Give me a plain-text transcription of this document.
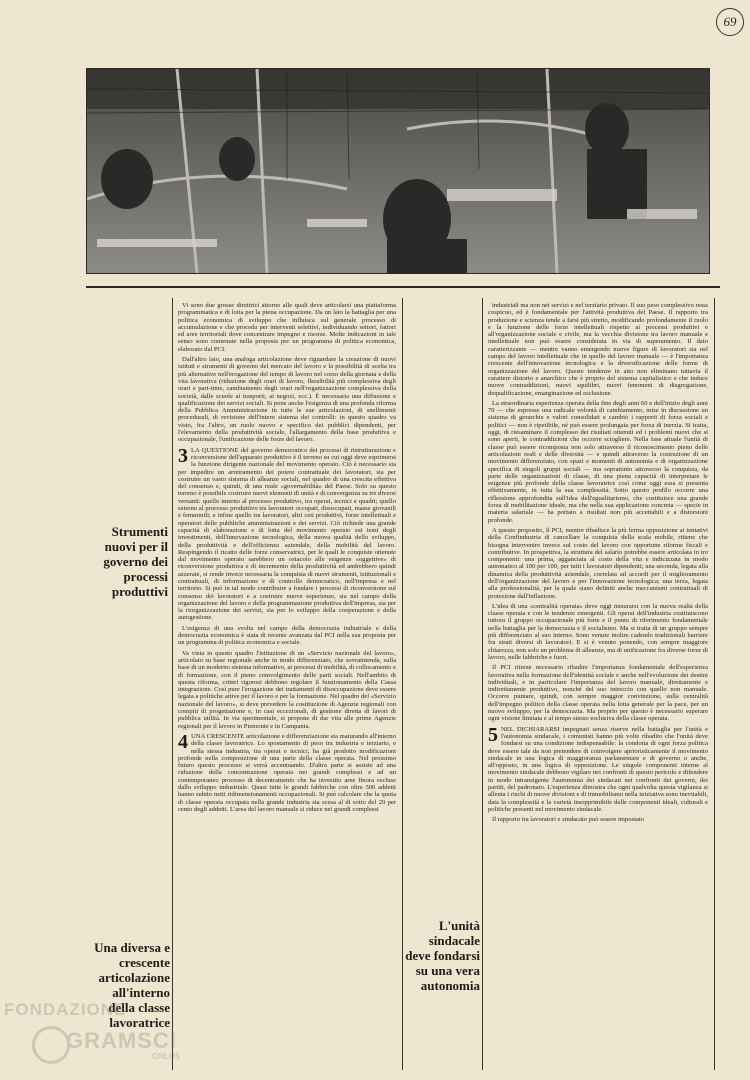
69
Strumenti nuovi per il governo dei processi produttivi
Una diversa e crescente articolazione all'interno della classe lavoratrice
L'unità sindacale deve fondarsi su una vera autonomia

Vi sono due grosse direttrici attorno alle quali deve articolarsi una piattaforma programmatica e di lotta per la piena occupazione. Da un lato la battaglia per una politica economica di sviluppo che influisca sul generale processo di accumulazione e che proceda per interventi selettivi, individuando settori, fattori ed aree territoriali dove concentrare impegno e risorse. Molte indicazioni in tale senso sono contenute nella proposta per un programma di politica economica, elaborato dal PCI.

Dall'altro lato, una analoga articolazione deve riguardare la creazione di nuovi istituti e strumenti di governo del mercato del lavoro e la possibilità di scelta tra più alternative nell'erogazione del tempo di lavoro nel corso della giornata e della vita lavorativa (riduzione degli orari di lavoro, flessibilità più complessiva degli orari e part-time, cambiamento degli orari nell'organizzazione complessiva della società, dalle scuole ai trasporti, ai negozi, ecc.). È necessaria una diffusione e qualificazione dei servizi sociali. Si pone anche l'esigenza di una profonda riforma della Pubblica Amministrazione in tutte le sue articolazioni, di snellimenti procedurali, di revisione dell'intero sistema dei controlli: in questo quadro va visto, fra l'altro, un ruolo nuovo e specifico dei pubblici dipendenti, per l'elevamento della produttività sociale, l'allargamento della base produttiva e occupazionale, l'unificazione delle forze del lavoro.

3 LA QUESTIONE del governo democratico dei processi di ristrutturazione e riconversione dell'apparato produttivo è il terreno su cui oggi deve esprimersi la funzione dirigente nazionale del movimento operaio. Ciò è necessario sia per impedire un arretramento dei potere contrattuale dei lavoratori, sia per costruire un vasto sistema di alleanze sociali, nel quadro di una crescita effettiva del consenso e, quindi, di una reale «governabilità» del Paese. Solo su questo terreno è possibile costruire nuovi elementi di unità e di convergenza su tre diversi versanti: quello interno al processo produttivo, tra operai, tecnici e quadri; quello esterno al processo produttivo tra lavoratori occupati, disoccupati, masse giovanili e femminili; e infine quello tra lavoratori, altri ceti produttivi, forze intellettuali e operatori delle pubbliche amministrazioni e dei servizi. Ciò richiede una grande capacità di elaborazione e di lotta del movimento operaio sui temi degli investimenti, dell'innovazione tecnologica, della nuova qualità dello sviluppo, della produttività e dell'efficienza aziendale, della mobilità del lavoro. Respingendo il ricatto delle forze conservatrici, per le quali le conquiste ottenute dal movimento operaio sarebbero un ostacolo alle esigenze «oggettive» di riconversione produttiva e di incremento della produttività ed andrebbero quindi azzerate, si rende invece necessaria la conquista di nuovi strumenti, istituzionali e contrattuali, di informazione e di controllo democratico, nell'impresa e nel territorio. Si può in tal modo contribuire a fondare i processi di riconversione sul consenso dei lavoratori e a costruire nuove esperienze, sia nel campo della organizzazione del lavoro e della programmazione produttiva dell'impresa, sia per la riorganizzazione dei servizi, sia per lo sviluppo della cooperazione e della autogestione.

L'esigenza di una svolta nel campo della democrazia industriale e della democrazia economica è stata di recente avanzata dal PCI nella sua proposta per un programma di politica economica e sociale.

Va vista in questo quadro l'istituzione di un «Servizio nazionale del lavoro», articolato su base regionale anche in modo differenziato, che sovraintenda, sulla base di un moderno sistema informativo, ai processi di mobilità, di collocamento e di formazione, con il pieno coinvolgimento delle parti sociali. Nell'ambito di questa riforma, criteri rigorosi debbono regolare il funzionamento della Cassa integrazione. Così pure l'erogazione dei trattamenti di disoccupazione deve essere legata a politiche attive per il lavoro e per la formazione. Nel quadro del «Servizio nazionale del lavoro», si deve prevedere la costituzione di Agenzie regionali con compiti di progettazione e, in casi eccezionali, di gestione diretta di lavori di pubblica utilità. In via sperimentale, si propone di dar vita alle prime Agenzie regionali per il lavoro in Piemonte e in Campania.

4 UNA CRESCENTE articolazione e differenziazione sta maturando all'interno della classe lavoratrice. Lo spostamento di peso tra industria e terziario, e nella stessa industria, tra operai e tecnici, ha già prodotto modificazioni profonde nella composizione di una parte della classe operaia. Nel prossimo futuro questo processo si verrà accentuando. D'altra parte si assiste ad una riduzione della concentrazione operaia nei grandi complessi e ad un contemporaneo processo di decentramento che ha investito aree finora escluse dallo sviluppo industriale. Quasi tutte le grandi fabbriche con oltre 500 addetti hanno subito netti ridimensionamenti occupazionali. Si può calcolare che la quota di classe operaia occupata nella grande industria sia scesa al di sotto del 20 per cento degli addetti. L'area del lavoro manuale si riduce nei grandi complessi

industriali ma non nei servizi e nel terziario privato. Il suo peso complessivo resta cospicuo, ed è fondamentale per l'attività produttiva del Paese. Il rapporto tra produzione e scienza tende a farsi più stretto, modificando profondamente il ruolo e la funzione delle forze intellettuali rispetto ai processi produttivi e all'organizzazione sociale e civile, ma la vecchia divisione tra lavoro manuale e intellettuale non può essere considerata in via di superamento. Il dato caratterizzante — mentre vanno emergendo nuove figure di lavoratori sia nel campo del lavoro intellettuale che in quello del lavoro manuale — è l'importanza crescente dell'innovazione tecnologica e la diversificazione delle forme di organizzazione del lavoro. Queste tendenze in atto non eliminano tuttavia il carattere distorto e anarchico che è proprio del sistema capitalistico e che induce nuove contraddizioni, nuovi squilibri, nuovi fenomeni di disgregazione, dequalificazione, emarginazione ed esclusione.

La straordinaria esperienza operaia della fine degli anni 60 e dell'inizio degli anni 70 — che espresse una radicale volontà di cambiamento, mise in discussione un sistema di gerarchie e valori consolidati e cambiò i rapporti di forza sociali e politici — non è ripetibile, né può essere prolungata per forza di inerzia. Si tratta, oggi, di riesaminare il complesso dei risultati ottenuti ed i problemi nuovi che si sono aperti, le contraddizioni che occorre sciogliere. Nella fase attuale l'unità di classe può essere ricomposta non solo attraverso il riconoscimento pieno delle articolazioni reali e delle diversità — e quindi attraverso la costruzione di un movimento differenziato, con spazi e momenti di autonomia e di organizzazione specifica di singoli gruppi sociali — ma soprattutto attraverso la conquista, da parte delle organizzazioni di classe, di una piena capacità di interpretare le esigenze più profonde della classe lavoratrice così come oggi essa si presenta effettivamente, in tutta la sua complessità. Sotto questo profilo occorre una riflessione approfondita sull'idea dell'egualitarismo, che costituisce una grande forza di mobilitazione ideale, ma che nella sua applicazione concreta — specie in materia salariale — ha portato a risultati non più accettabili e a distorsioni profonde.

A questo proposito, il PCI, mentre ribadisce la più ferma opposizione ai tentativi della Confindustria di cancellare la conquista della scala mobile, ritiene che bisogna intervenire invece sul costo del lavoro con opportune riforme fiscali e contributive. In prospettiva, la struttura del salario potrebbe essere articolata in tre componenti: una prima, agganciata al costo della vita e indicizzata in modo automatico al 100 per 100, per tutti i lavoratori dipendenti; una seconda, legata alla dinamica della produttività aziendale, correlata ad accordi per il miglioramento dell'organizzazione del lavoro e per l'innovazione tecnologica; una terza, legata alla professionalità, per la quale siano definiti anche meccanismi contrattuali di protezione dall'inflazione.

L'idea di una «centralità operaia» deve oggi misurarsi con la nuova realtà della classe operaia e con le tendenze emergenti. Gli operai dell'industria costituiscono tuttora il gruppo occupazionale più forte e il punto di riferimento fondamentale nella battaglia per la democrazia e il socialismo. Ma si tratta di un gruppo sempre più differenziato al suo interno. Sono venute inoltre cadendo tradizionali barriere fra strati diversi di lavoratori. E si è venuto ponendo, con sempre maggiore chiarezza, non solo un problema di alleanze, ma di unificazione fra diverse forze di lavoro, nelle fabbriche e fuori.

Il PCI ritiene necessario ribadire l'importanza fondamentale dell'esperienza lavorativa nella formazione dell'identità sociale e anche nell'evoluzione dei destini individuali, e in particolare l'importanza del lavoro manuale, direttamente e indirettamente produttivo, nonché del suo intreccio con quello non manuale. Occorre puntare, quindi, con sempre maggior convinzione, sulla centralità dell'impegno politico della classe operaia nella lotta generale per la pace, per un nuovo sviluppo, per la democrazia. Ma proprio per questo è necessario superare ogni visione limitata e al tempo stesso esclusiva della classe operaia.

5 NEL DICHIARARSI impegnati senza riserve nella battaglia per l'unità e l'autonomia sindacale, i comunisti hanno più volte ribadito che l'unità deve fondarsi su una condizione indispensabile: la condotta di ogni forza politica deve essere tale da non pretendere di coinvolgere aprioristicamente il movimento sindacale in una logica di maggioranza parlamentare e di governo o anche, all'opposto, in una logica di opposizione. Le singole componenti interne al movimento sindacale debbono vigilare nei confronti di questo pericolo e difendere in modo intransigente l'autonomia dei sindacati nei confronti dei governi, dei partiti, del padronato. L'esperienza dimostra che ogni qualvolta questa vigilanza si allenta i rischi di nuove divisioni e di immobilismo nella iniziativa sono inevitabili, data la complessità e la varietà insopprimibile delle componenti ideali, culturali e politiche presenti nel movimento sindacale.

Il rapporto tra lavoratori e sindacato può essere impostato

FONDAZIONE
GRAMSCI
ONLUS
